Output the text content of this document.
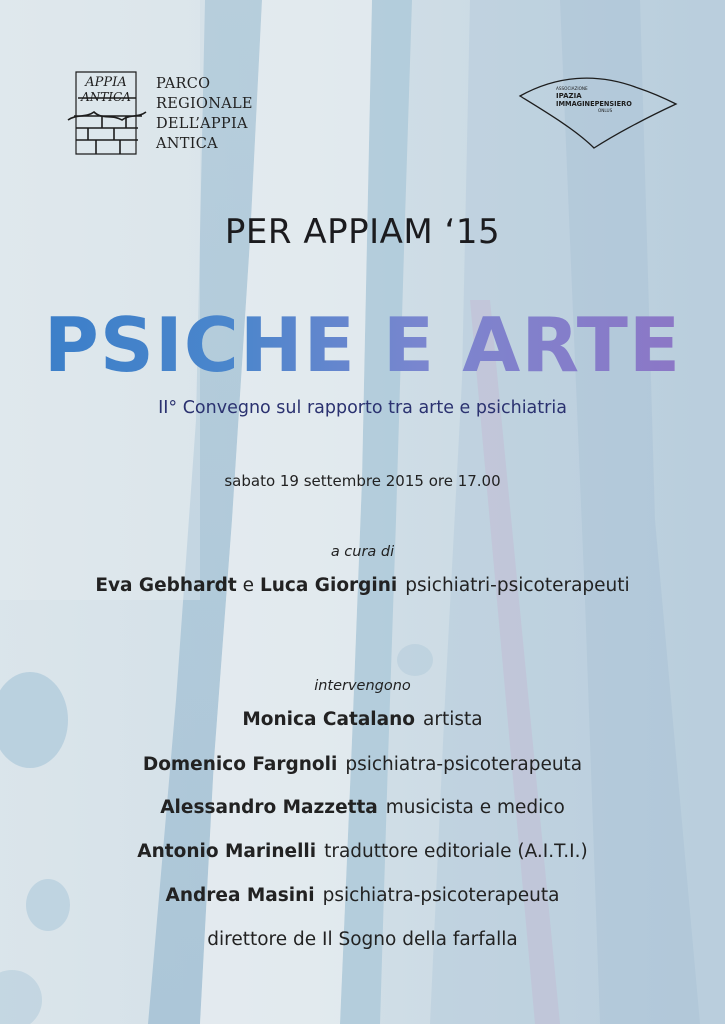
APPIA
ANTICA
PARCO
REGIONALE
DELL’APPIA
ANTICA
ASSOCIAZIONE
IPAZIA
IMMAGINEPENSIERO
ONLUS
PER APPIAM ‘15
PSICHE E ARTE
II° Convegno sul rapporto tra arte e psichiatria
sabato 19 settembre 2015 ore 17.00
a cura di
Eva Gebhardt e Luca Giorgini psichiatri-psicoterapeuti
intervengono
Monica Catalano artista
Domenico Fargnoli psichiatra-psicoterapeuta
Alessandro Mazzetta musicista e medico
Antonio Marinelli traduttore editoriale (A.I.T.I.)
Andrea Masini psichiatra-psicoterapeuta
direttore de Il Sogno della farfalla
